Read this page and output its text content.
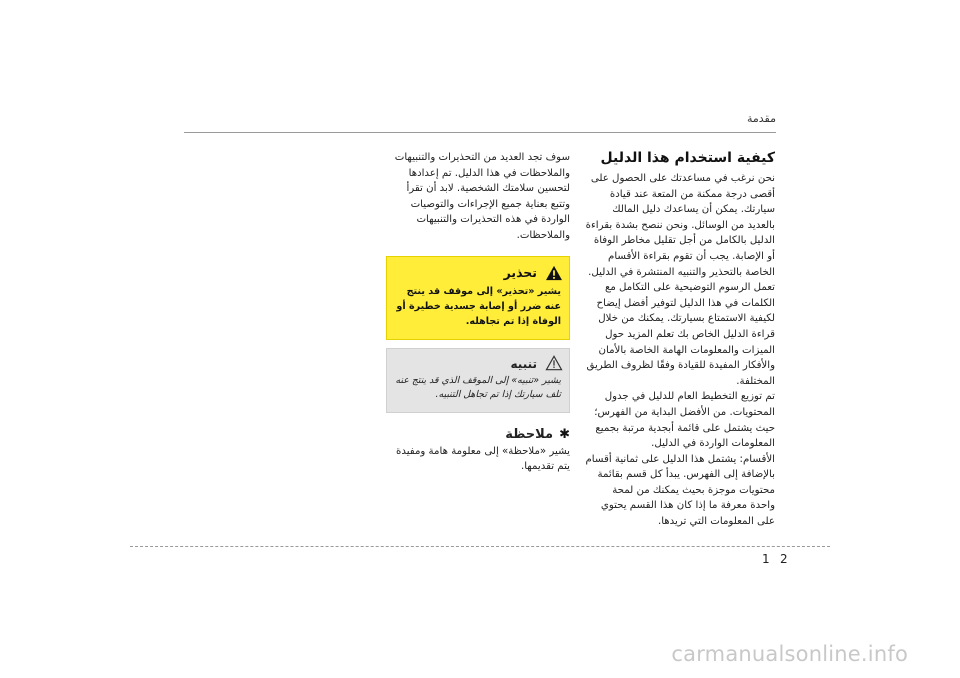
مقدمة

كيفية استخدام هذا الدليل

نحن نرغب في مساعدتك على الحصول على أقصى درجة ممكنة من المتعة عند قيادة سيارتك. يمكن أن يساعدك دليل المالك بالعديد من الوسائل. ونحن ننصح بشدة بقراءة الدليل بالكامل من أجل تقليل مخاطر الوفاة أو الإصابة. يجب أن تقوم بقراءة الأقسام الخاصة بالتحذير والتنبيه المنتشرة في الدليل.

تعمل الرسوم التوضيحية على التكامل مع الكلمات في هذا الدليل لتوفير أفضل إيضاح لكيفية الاستمتاع بسيارتك. يمكنك من خلال قراءة الدليل الخاص بك تعلم المزيد حول الميزات والمعلومات الهامة الخاصة بالأمان والأفكار المفيدة للقيادة وفقًا لظروف الطريق المختلفة.

تم توزيع التخطيط العام للدليل في جدول المحتويات. من الأفضل البداية من الفهرس؛ حيث يشتمل على قائمة أبجدية مرتبة بجميع المعلومات الواردة في الدليل.

الأقسام: يشتمل هذا الدليل على ثمانية أقسام بالإضافة إلى الفهرس. يبدأ كل قسم بقائمة محتويات موجزة بحيث يمكنك من لمحة واحدة معرفة ما إذا كان هذا القسم يحتوي على المعلومات التي تريدها.

سوف تجد العديد من التحذيرات والتنبيهات والملاحظات في هذا الدليل. تم إعدادها لتحسين سلامتك الشخصية. لابد أن تقرأ وتتبع بعناية جميع الإجراءات والتوصيات الواردة في هذه التحذيرات والتنبيهات والملاحظات.

تحذير
يشير «تحذير» إلى موقف قد ينتج عنه ضرر أو إصابة جسدية خطيرة أو الوفاة إذا تم تجاهله.
تنبيه
يشير «تنبيه» إلى الموقف الذي قد ينتج عنه تلف سيارتك إذا تم تجاهل التنبيه.
✱
ملاحظة
يشير «ملاحظة» إلى معلومة هامة ومفيدة يتم تقديمها.
1 2
carmanualsonline.info
